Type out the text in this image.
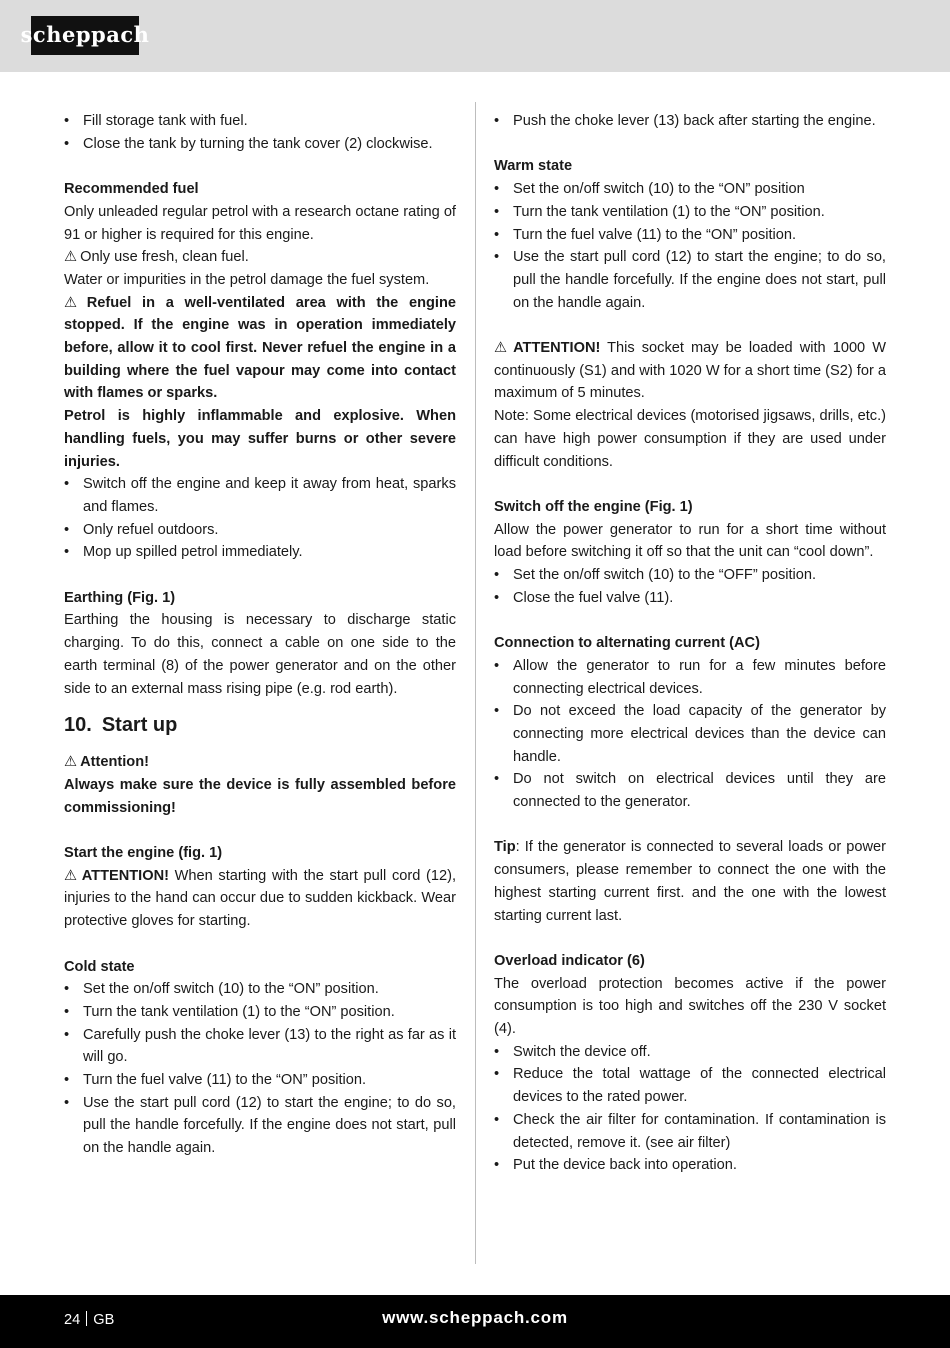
scheppach
• Fill storage tank with fuel.
• Close the tank by turning the tank cover (2) clockwise.

Recommended fuel

Only unleaded regular petrol with a research octane rating of 91 or higher is required for this engine.

⚠ Only use fresh, clean fuel.

Water or impurities in the petrol damage the fuel system.

⚠ Refuel in a well-ventilated area with the engine stopped. If the engine was in operation immediately before, allow it to cool first. Never refuel the engine in a building where the fuel vapour may come into contact with flames or sparks.

Petrol is highly inflammable and explosive. When handling fuels, you may suffer burns or other severe injuries.

• Switch off the engine and keep it away from heat, sparks and flames.
• Only refuel outdoors.
• Mop up spilled petrol immediately.

Earthing (Fig. 1)

Earthing the housing is necessary to discharge static charging. To do this, connect a cable on one side to the earth terminal (8) of the power generator and on the other side to an external mass rising pipe (e.g. rod earth).

10. Start up

⚠ Attention!

Always make sure the device is fully assembled before commissioning!

Start the engine (fig. 1)

⚠ ATTENTION! When starting with the start pull cord (12), injuries to the hand can occur due to sudden kickback. Wear protective gloves for starting.

Cold state

• Set the on/off switch (10) to the “ON” position.
• Turn the tank ventilation (1) to the “ON” position.
• Carefully push the choke lever (13) to the right as far as it will go.
• Turn the fuel valve (11) to the “ON” position.
• Use the start pull cord (12) to start the engine; to do so, pull the handle forcefully. If the engine does not start, pull on the handle again.
• Push the choke lever (13) back after starting the engine.

Warm state

• Set the on/off switch (10) to the “ON” position
• Turn the tank ventilation (1) to the “ON” position.
• Turn the fuel valve (11) to the “ON” position.
• Use the start pull cord (12) to start the engine; to do so, pull the handle forcefully. If the engine does not start, pull on the handle again.

⚠ ATTENTION! This socket may be loaded with 1000 W continuously (S1) and with 1020 W for a short time (S2) for a maximum of 5 minutes.

Note: Some electrical devices (motorised jigsaws, drills, etc.) can have high power consumption if they are used under difficult conditions.

Switch off the engine (Fig. 1)

Allow the power generator to run for a short time without load before switching it off so that the unit can “cool down”.

• Set the on/off switch (10) to the “OFF” position.
• Close the fuel valve (11).

Connection to alternating current (AC)

• Allow the generator to run for a few minutes before connecting electrical devices.
• Do not exceed the load capacity of the generator by connecting more electrical devices than the device can handle.
• Do not switch on electrical devices until they are connected to the generator.

Tip: If the generator is connected to several loads or power consumers, please remember to connect the one with the highest starting current first. and the one with the lowest starting current last.

Overload indicator (6)

The overload protection becomes active if the power consumption is too high and switches off the 230 V socket (4).

• Switch the device off.
• Reduce the total wattage of the connected electrical devices to the rated power.
• Check the air filter for contamination. If contamination is detected, remove it. (see air filter)
• Put the device back into operation.
24 GB	www.scheppach.com
